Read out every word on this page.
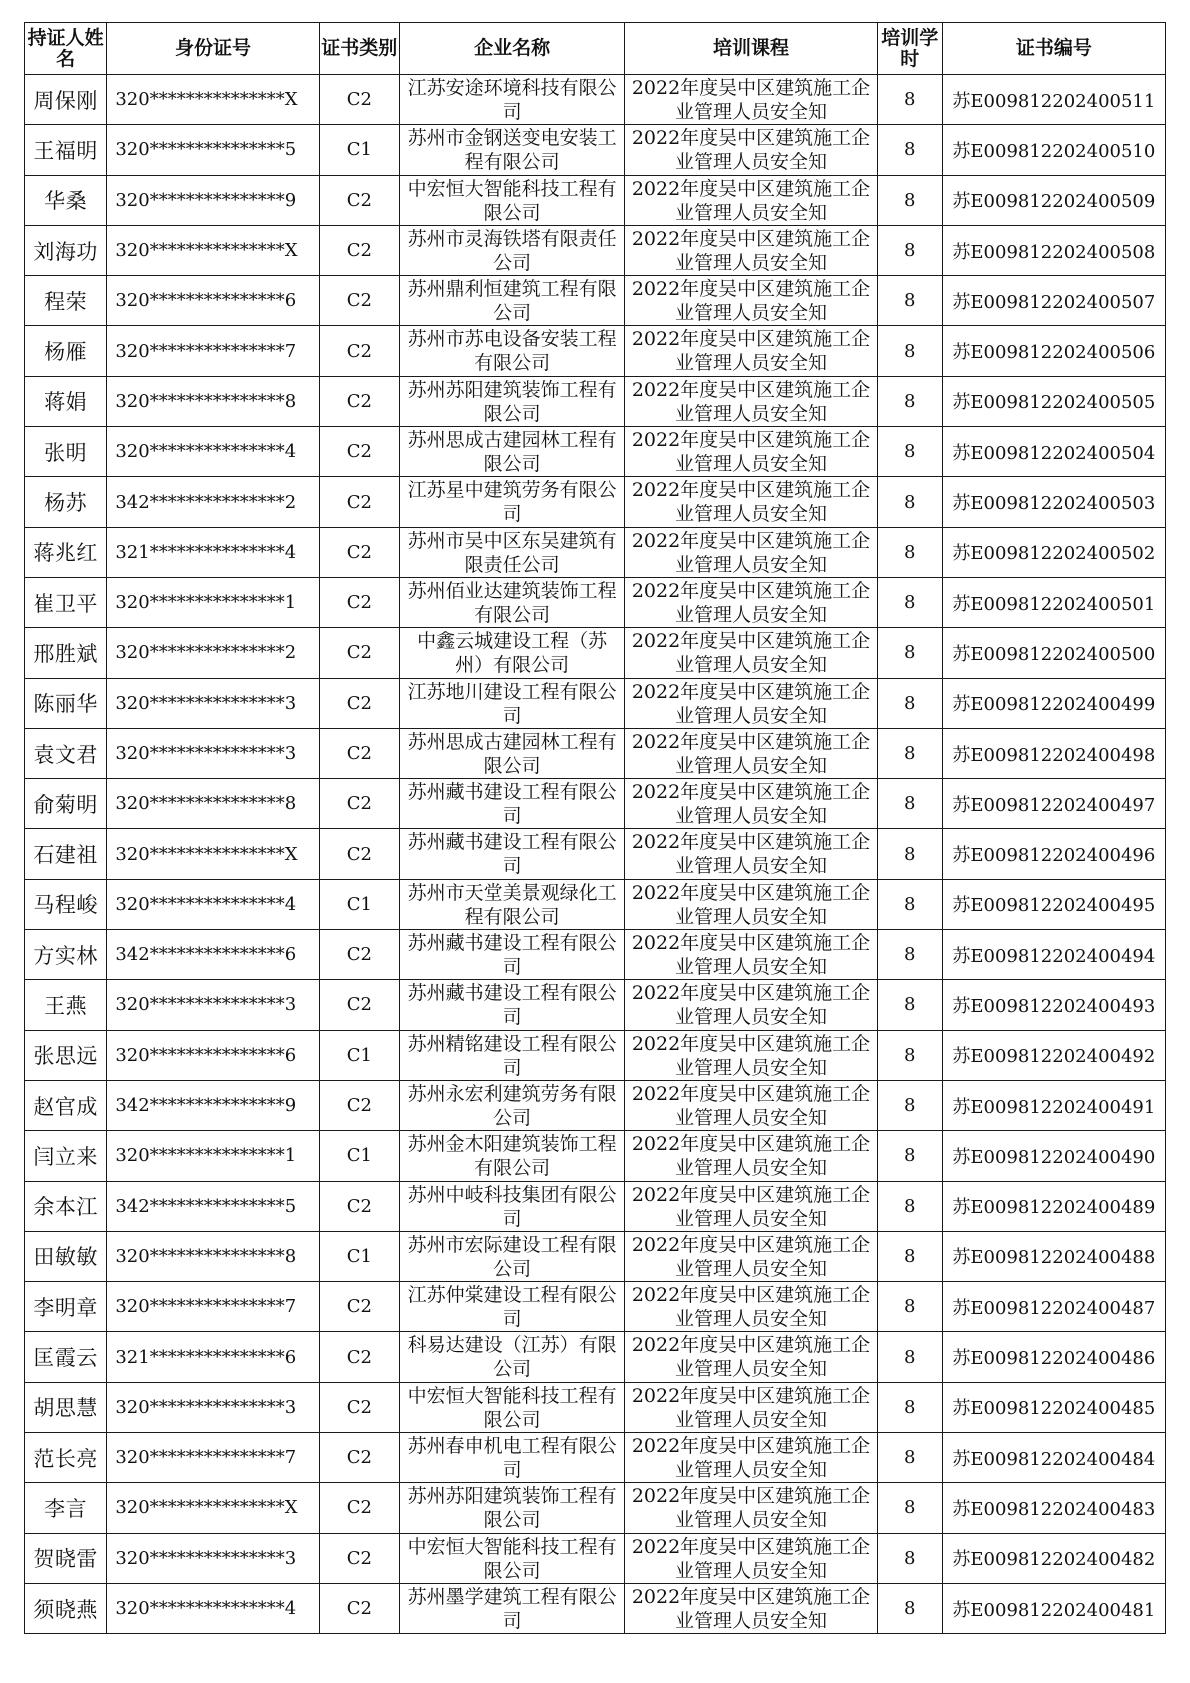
持证人姓名	身份证号	证书类别	企业名称	培训课程	培训学时	证书编号
周保刚	320***************X	C2	江苏安途环境科技有限公司	2022年度吴中区建筑施工企业管理人员安全知	8	苏E009812202400511
王福明	320***************5	C1	苏州市金钢送变电安装工程有限公司	2022年度吴中区建筑施工企业管理人员安全知	8	苏E009812202400510
华桑	320***************9	C2	中宏恒大智能科技工程有限公司	2022年度吴中区建筑施工企业管理人员安全知	8	苏E009812202400509
刘海功	320***************X	C2	苏州市灵海铁塔有限责任公司	2022年度吴中区建筑施工企业管理人员安全知	8	苏E009812202400508
程荣	320***************6	C2	苏州鼎利恒建筑工程有限公司	2022年度吴中区建筑施工企业管理人员安全知	8	苏E009812202400507
杨雁	320***************7	C2	苏州市苏电设备安装工程有限公司	2022年度吴中区建筑施工企业管理人员安全知	8	苏E009812202400506
蒋娟	320***************8	C2	苏州苏阳建筑装饰工程有限公司	2022年度吴中区建筑施工企业管理人员安全知	8	苏E009812202400505
张明	320***************4	C2	苏州思成古建园林工程有限公司	2022年度吴中区建筑施工企业管理人员安全知	8	苏E009812202400504
杨苏	342***************2	C2	江苏星中建筑劳务有限公司	2022年度吴中区建筑施工企业管理人员安全知	8	苏E009812202400503
蒋兆红	321***************4	C2	苏州市吴中区东吴建筑有限责任公司	2022年度吴中区建筑施工企业管理人员安全知	8	苏E009812202400502
崔卫平	320***************1	C2	苏州佰业达建筑装饰工程有限公司	2022年度吴中区建筑施工企业管理人员安全知	8	苏E009812202400501
邢胜斌	320***************2	C2	中鑫云城建设工程（苏州）有限公司	2022年度吴中区建筑施工企业管理人员安全知	8	苏E009812202400500
陈丽华	320***************3	C2	江苏地川建设工程有限公司	2022年度吴中区建筑施工企业管理人员安全知	8	苏E009812202400499
袁文君	320***************3	C2	苏州思成古建园林工程有限公司	2022年度吴中区建筑施工企业管理人员安全知	8	苏E009812202400498
俞菊明	320***************8	C2	苏州藏书建设工程有限公司	2022年度吴中区建筑施工企业管理人员安全知	8	苏E009812202400497
石建祖	320***************X	C2	苏州藏书建设工程有限公司	2022年度吴中区建筑施工企业管理人员安全知	8	苏E009812202400496
马程峻	320***************4	C1	苏州市天堂美景观绿化工程有限公司	2022年度吴中区建筑施工企业管理人员安全知	8	苏E009812202400495
方实林	342***************6	C2	苏州藏书建设工程有限公司	2022年度吴中区建筑施工企业管理人员安全知	8	苏E009812202400494
王燕	320***************3	C2	苏州藏书建设工程有限公司	2022年度吴中区建筑施工企业管理人员安全知	8	苏E009812202400493
张思远	320***************6	C1	苏州精铭建设工程有限公司	2022年度吴中区建筑施工企业管理人员安全知	8	苏E009812202400492
赵官成	342***************9	C2	苏州永宏利建筑劳务有限公司	2022年度吴中区建筑施工企业管理人员安全知	8	苏E009812202400491
闫立来	320***************1	C1	苏州金木阳建筑装饰工程有限公司	2022年度吴中区建筑施工企业管理人员安全知	8	苏E009812202400490
余本江	342***************5	C2	苏州中岐科技集团有限公司	2022年度吴中区建筑施工企业管理人员安全知	8	苏E009812202400489
田敏敏	320***************8	C1	苏州市宏际建设工程有限公司	2022年度吴中区建筑施工企业管理人员安全知	8	苏E009812202400488
李明章	320***************7	C2	江苏仲棠建设工程有限公司	2022年度吴中区建筑施工企业管理人员安全知	8	苏E009812202400487
匡霞云	321***************6	C2	科易达建设（江苏）有限公司	2022年度吴中区建筑施工企业管理人员安全知	8	苏E009812202400486
胡思慧	320***************3	C2	中宏恒大智能科技工程有限公司	2022年度吴中区建筑施工企业管理人员安全知	8	苏E009812202400485
范长亮	320***************7	C2	苏州春申机电工程有限公司	2022年度吴中区建筑施工企业管理人员安全知	8	苏E009812202400484
李言	320***************X	C2	苏州苏阳建筑装饰工程有限公司	2022年度吴中区建筑施工企业管理人员安全知	8	苏E009812202400483
贺晓雷	320***************3	C2	中宏恒大智能科技工程有限公司	2022年度吴中区建筑施工企业管理人员安全知	8	苏E009812202400482
须晓燕	320***************4	C2	苏州墨学建筑工程有限公司	2022年度吴中区建筑施工企业管理人员安全知	8	苏E009812202400481
